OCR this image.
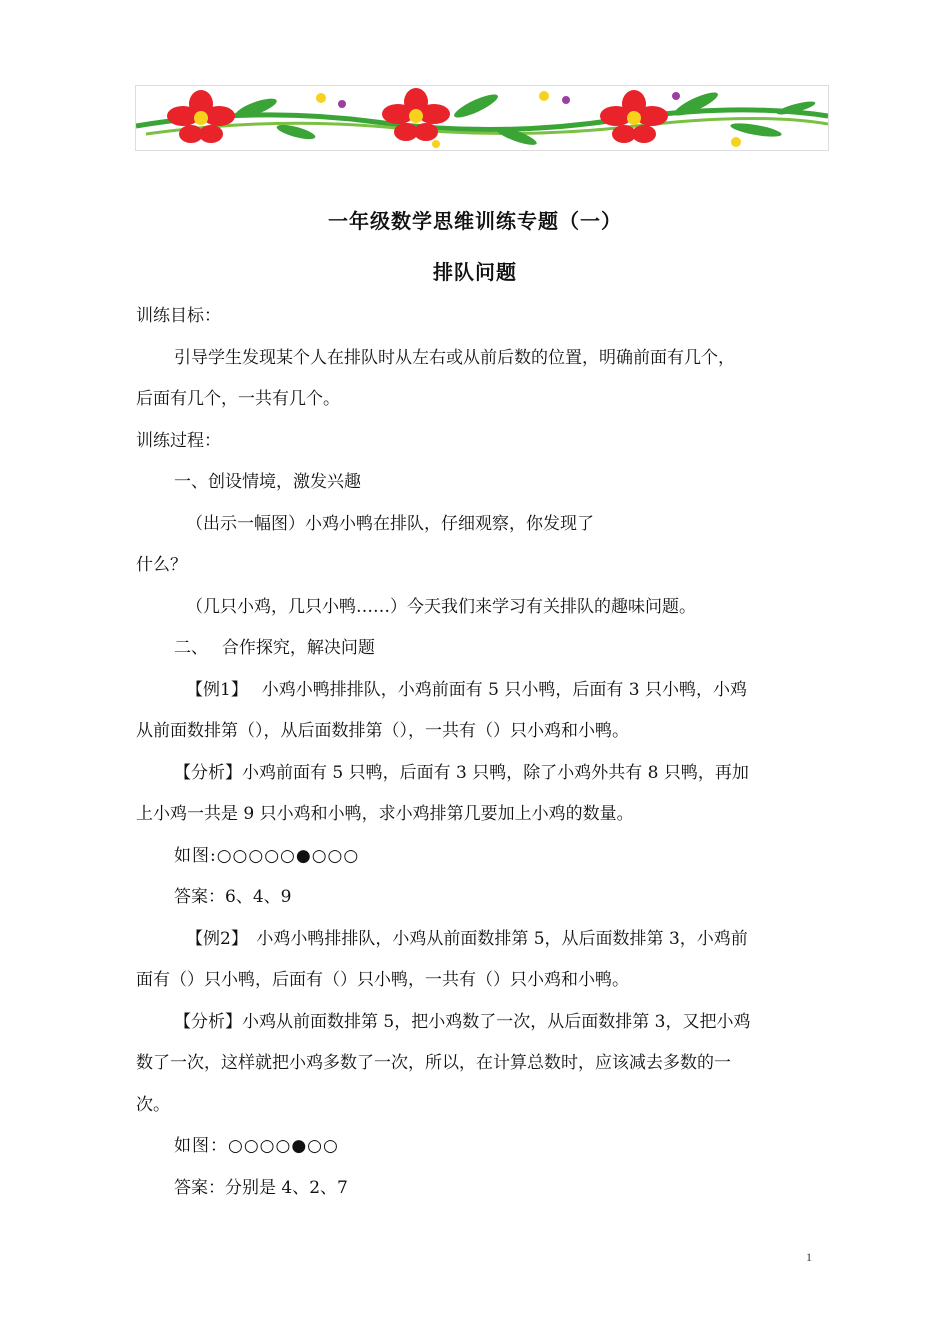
一年级数学思维训练专题（一）
排队问题

训练目标：

引导学生发现某个人在排队时从左右或从前后数的位置，明确前面有几个，

后面有几个，一共有几个。

训练过程：

一、创设情境，激发兴趣

（出示一幅图）小鸡小鸭在排队，仔细观察，你发现了

什么？

（几只小鸡，几只小鸭……）今天我们来学习有关排队的趣味问题。

二、　 合作探究，解决问题

【例1】　 小鸡小鸭排排队，小鸡前面有 5 只小鸭，后面有 3 只小鸭，小鸡

从前面数排第（），从后面数排第（），一共有（）只小鸡和小鸭。

【分析】小鸡前面有 5 只鸭，后面有 3 只鸭，除了小鸡外共有 8 只鸭，再加

上小鸡一共是 9 只小鸡和小鸭，求小鸡排第几要加上小鸡的数量。

如图:○○○○○●○○○

答案：6、4、9

【例2】　小鸡小鸭排排队，小鸡从前面数排第 5，从后面数排第 3，小鸡前

面有（）只小鸭，后面有（）只小鸭，一共有（）只小鸡和小鸭。

【分析】小鸡从前面数排第 5，把小鸡数了一次，从后面数排第 3，又把小鸡

数了一次，这样就把小鸡多数了一次，所以，在计算总数时，应该减去多数的一

次。

如图：○○○○●○○

答案：分别是 4、2、7

1
